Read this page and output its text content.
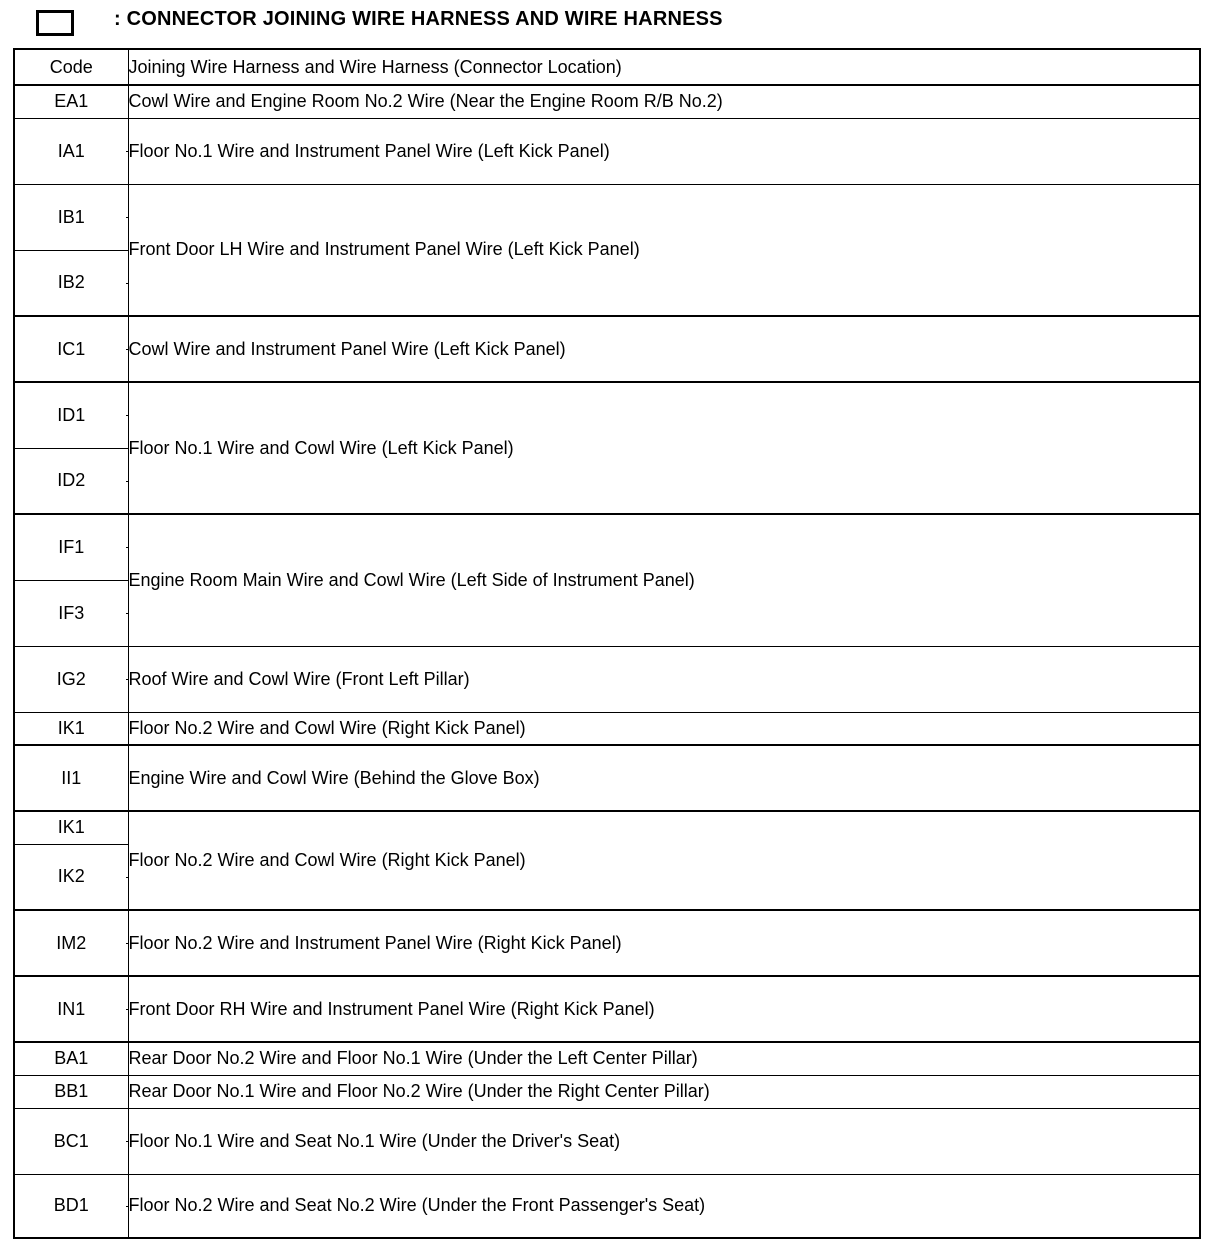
: CONNECTOR JOINING WIRE HARNESS AND WIRE HARNESS
Code	Joining Wire Harness and Wire Harness (Connector Location)
EA1	Cowl Wire and Engine Room No.2 Wire (Near the Engine Room R/B No.2)
IA1	Floor No.1 Wire and Instrument Panel Wire (Left Kick Panel)
IB1	Front Door LH Wire and Instrument Panel Wire (Left Kick Panel)
IB2	

IC1	Cowl Wire and Instrument Panel Wire (Left Kick Panel)
ID1	Floor No.1 Wire and Cowl Wire (Left Kick Panel)
ID2	

IF1	Engine Room Main Wire and Cowl Wire (Left Side of Instrument Panel)
IF3	

IG2	Roof Wire and Cowl Wire (Front Left Pillar)
IK1	Floor No.2 Wire and Cowl Wire (Right Kick Panel)
II1	Engine Wire and Cowl Wire (Behind the Glove Box)
IK1	Floor No.2 Wire and Cowl Wire (Right Kick Panel)
IK2	

IM2	Floor No.2 Wire and Instrument Panel Wire (Right Kick Panel)
IN1	Front Door RH Wire and Instrument Panel Wire (Right Kick Panel)
BA1	Rear Door No.2 Wire and Floor No.1 Wire (Under the Left Center Pillar)
BB1	Rear Door No.1 Wire and Floor No.2 Wire (Under the Right Center Pillar)
BC1	Floor No.1 Wire and Seat No.1 Wire (Under the Driver's Seat)
BD1	Floor No.2 Wire and Seat No.2 Wire (Under the Front Passenger's Seat)
